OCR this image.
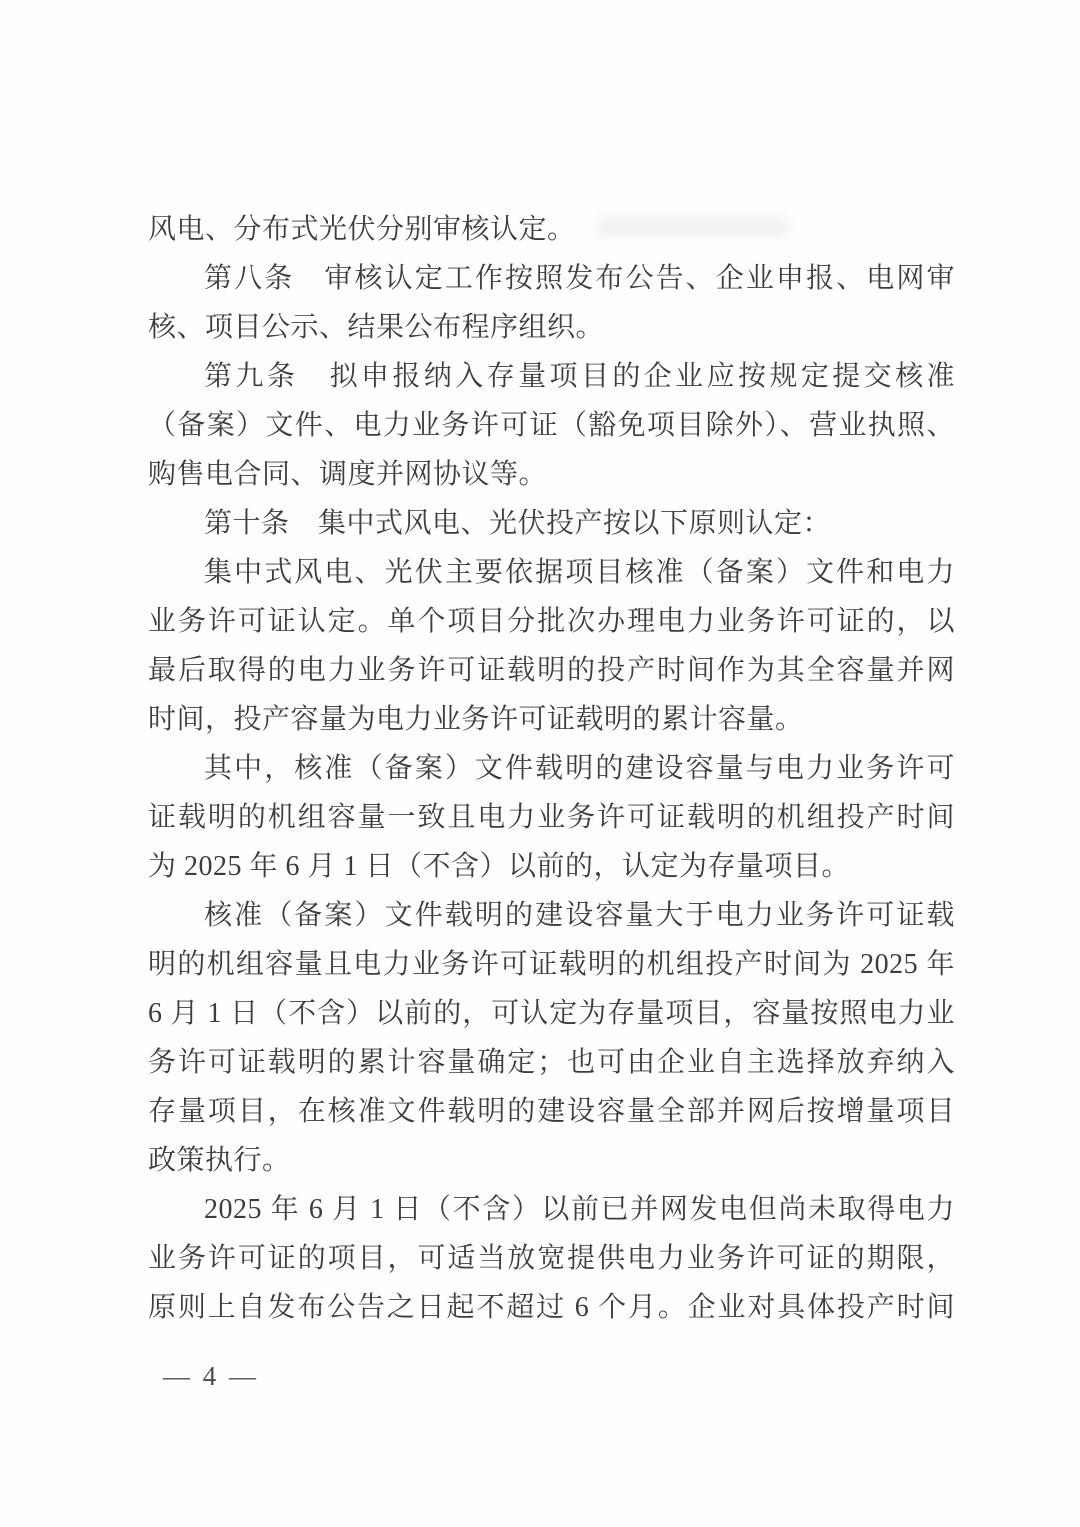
风电、分布式光伏分别审核认定。
第八条　审核认定工作按照发布公告、企业申报、电网审
核、项目公示、结果公布程序组织。
第九条　拟申报纳入存量项目的企业应按规定提交核准
（备案）文件、电力业务许可证（豁免项目除外）、营业执照、
购售电合同、调度并网协议等。
第十条　集中式风电、光伏投产按以下原则认定：
集中式风电、光伏主要依据项目核准（备案）文件和电力
业务许可证认定。单个项目分批次办理电力业务许可证的，以
最后取得的电力业务许可证载明的投产时间作为其全容量并网
时间，投产容量为电力业务许可证载明的累计容量。
其中，核准（备案）文件载明的建设容量与电力业务许可
证载明的机组容量一致且电力业务许可证载明的机组投产时间
为 2025 年 6 月 1 日（不含）以前的，认定为存量项目。
核准（备案）文件载明的建设容量大于电力业务许可证载
明的机组容量且电力业务许可证载明的机组投产时间为 2025 年
6 月 1 日（不含）以前的，可认定为存量项目，容量按照电力业
务许可证载明的累计容量确定；也可由企业自主选择放弃纳入
存量项目，在核准文件载明的建设容量全部并网后按增量项目
政策执行。
2025 年 6 月 1 日（不含）以前已并网发电但尚未取得电力
业务许可证的项目，可适当放宽提供电力业务许可证的期限，
原则上自发布公告之日起不超过 6 个月。企业对具体投产时间
— 4 —
